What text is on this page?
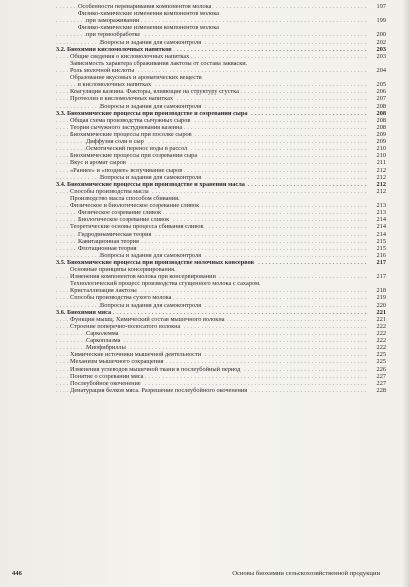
. . . Особенности переваривания компонентов молока	197
Физико-химические изменения компонентов молока
. . . при замораживании	199
Физико-химические изменения компонентов молока
. . . при термообработке	200
. . . Вопросы и задания для самоконтроля	202
. . . 3.2. Биохимия кисломолочных напитков	203
. . . Общие сведения о кисломолочных напитках	203
Зависимость характера сбраживания лактозы от состава закваски.
. . . Роль молочной кислоты	204
Образование вкусовых и ароматических веществ
. . . в кисломолочных напитках	205
. . . Коагуляция казеина. Факторы, влияющие на структуру сгустка	206
. . . Протеолиз в кисломолочных напитках	207
. . . Вопросы и задания для самоконтроля	208
. . . 3.3. Биохимические процессы при производстве и созревании сыра	208
. . . Общая схема производства сычужных сыров	208
. . . Теория сычужного застудневания казеина	208
. . . Биохимические процессы при посолке сыров	209
. . . Диффузия соли в сыр	209
. . . Осмотический перенос воды в рассол	210
. . . Биохимические процессы при созревании сыра	210
. . . Вкус и аромат сыров	211
. . . «Раннее» и «позднее» вспучивание сыров	212
. . . Вопросы и задания для самоконтроля	212
. . . 3.4. Биохимические процессы при производстве и хранении масла	212
. . . Способы производства масла	212
Производство масла способом сбивания.
. . . Физическое и биологическое созревание сливок	213
. . . Физическое созревание сливок	213
. . . Биологическое созревание сливок	214
. . . Теоретические основы процесса сбивания сливок	214
. . . Гидродинамическая теория	214
. . . Кавитационная теория	215
. . . Флотационная теория	215
. . . Вопросы и задания для самоконтроля	216
. . . 3.5. Биохимические процессы при производстве молочных консервов	217
Основные принципы консервирования.
. . . Изменения компонентов молока при консервировании	217
Технологический процесс производства сгущенного молока с сахаром.
. . . Кристаллизация лактозы	218
. . . Способы производства сухого молока	219
. . . Вопросы и задания для самоконтроля	220
. . . 3.6. Биохимия мяса	221
. . . Функции мышц. Химический состав мышечного волокна	221
. . . Строение поперечно-полосатого волокна	222
. . . Сарколемма	222
. . . Саркоплазма	222
. . . Миофибриллы	222
. . . Химические источники мышечной деятельности	225
. . . Механизм мышечного сокращения	225
. . . Изменения углеводов мышечной ткани в послеубойный период	226
. . . Понятие о созревании мяса	227
. . . Послеубойное окоченение	227
. . . Денатурация белков мяса. Разрешение послеубойного окоченения	228
446	Основы биохимии сельскохозяйственной продукции
